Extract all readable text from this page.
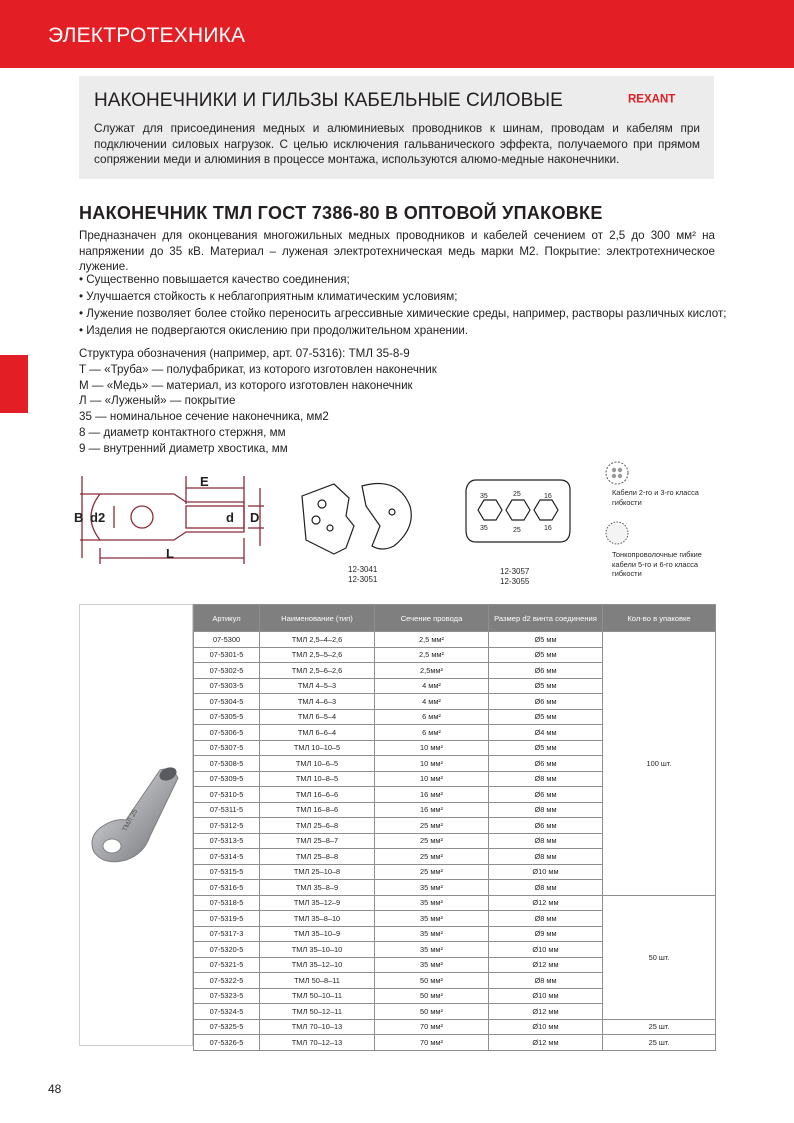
ЭЛЕКТРОТЕХНИКА
НАКОНЕЧНИКИ И ГИЛЬЗЫ КАБЕЛЬНЫЕ СИЛОВЫЕ	REXANT
Служат для присоединения медных и алюминиевых проводников к шинам, проводам и кабелям при подключении силовых нагрузок. С целью исключения гальванического эффекта, получаемого при прямом сопряжении меди и алюминия в процессе монтажа, используются алюмо-медные наконечники.
НАКОНЕЧНИК ТМЛ ГОСТ 7386-80 В ОПТОВОЙ УПАКОВКЕ
Предназначен для оконцевания многожильных медных проводников и кабелей сечением от 2,5 до 300 мм² на напряжении до 35 кВ. Материал – луженая электротехническая медь марки М2. Покрытие: электротехническое лужение.
• Существенно повышается качество соединения;
• Улучшается стойкость к неблагоприятным климатическим условиям;
• Лужение позволяет более стойко переносить агрессивные химические среды, например, растворы различных кислот;
• Изделия не подвергаются окислению при продолжительном хранении.
Структура обозначения (например, арт. 07-5316): ТМЛ 35-8-9
Т — «Труба» — полуфабрикат, из которого изготовлен наконечник
М — «Медь» — материал, из которого изготовлен наконечник
Л — «Луженый» — покрытие
35 — номинальное сечение наконечника, мм2
8 — диаметр контактного стержня, мм
9 — внутренний диаметр хвостика, мм
E
B d2	d D
L
12-3041
12-3051
35	25	16
35	25	16
12-3057
12-3055
Кабели 2-го и 3-го класса гибкости
Тонкопроволочные гибкие кабели 5-го и 6-го класса гибкости
ТМЛ 25
Артикул	Наименование (тип)	Сечение провода	Размер d2 винта соединения	Кол-во в упаковке
07-5300	ТМЛ 2,5–4–2,6	2,5 мм²	Ø5 мм	100 шт.
07-5301-5	ТМЛ 2,5–5–2,6	2,5 мм²	Ø5 мм	
07-5302-5	ТМЛ 2,5–6–2,6	2,5мм²	Ø6 мм	
07-5303-5	ТМЛ 4–5–3	4 мм²	Ø5 мм	
07-5304-5	ТМЛ 4–6–3	4 мм²	Ø6 мм	
07-5305-5	ТМЛ 6–5–4	6 мм²	Ø5 мм	
07-5306-5	ТМЛ 6–6–4	6 мм²	Ø4 мм	
07-5307-5	ТМЛ 10–10–5	10 мм²	Ø5 мм	
07-5308-5	ТМЛ 10–6–5	10 мм²	Ø6 мм	
07-5309-5	ТМЛ 10–8–5	10 мм²	Ø8 мм	
07-5310-5	ТМЛ 16–6–6	16 мм²	Ø6 мм	
07-5311-5	ТМЛ 16–8–6	16 мм²	Ø8 мм	
07-5312-5	ТМЛ 25–6–8	25 мм²	Ø6 мм	
07-5313-5	ТМЛ 25–8–7	25 мм²	Ø8 мм	
07-5314-5	ТМЛ 25–8–8	25 мм²	Ø8 мм	
07-5315-5	ТМЛ 25–10–8	25 мм²	Ø10 мм	
07-5316-5	ТМЛ 35–8–9	35 мм²	Ø8 мм	
07-5318-5	ТМЛ 35–12–9	35 мм²	Ø12 мм	50 шт.
07-5319-5	ТМЛ 35–8–10	35 мм²	Ø8 мм	
07-5317-3	ТМЛ 35–10–9	35 мм²	Ø9 мм	
07-5320-5	ТМЛ 35–10–10	35 мм²	Ø10 мм	
07-5321-5	ТМЛ 35–12–10	35 мм²	Ø12 мм	
07-5322-5	ТМЛ 50–8–11	50 мм²	Ø8 мм	
07-5323-5	ТМЛ 50–10–11	50 мм²	Ø10 мм	
07-5324-5	ТМЛ 50–12–11	50 мм²	Ø12 мм	
07-5325-5	ТМЛ 70–10–13	70 мм²	Ø10 мм	25 шт.
07-5326-5	ТМЛ 70–12–13	70 мм²	Ø12 мм	25 шт.
48
